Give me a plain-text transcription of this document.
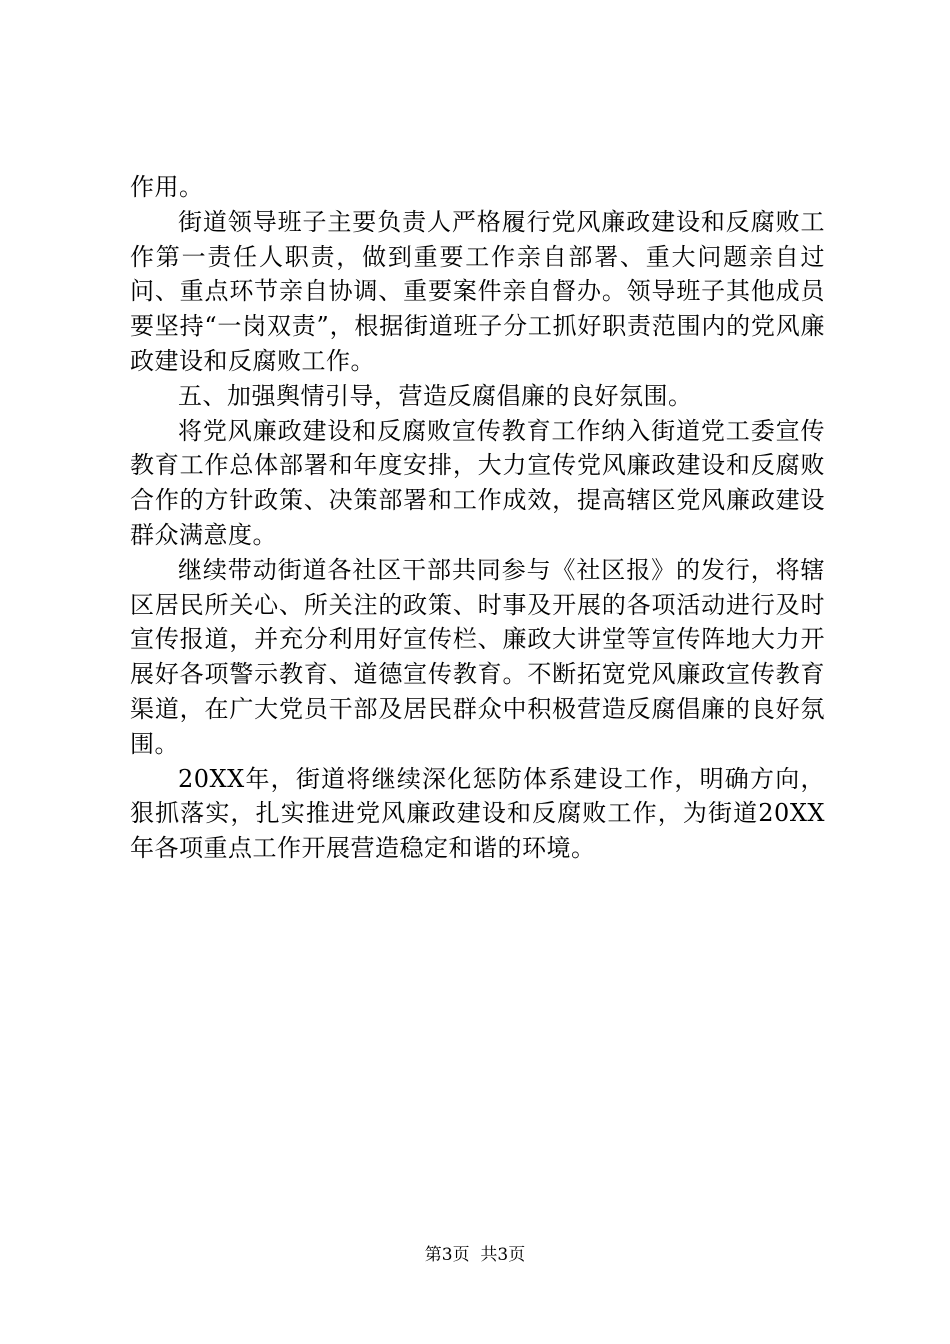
作用。

街道领导班子主要负责人严格履行党风廉政建设和反腐败工作第一责任人职责，做到重要工作亲自部署、重大问题亲自过问、重点环节亲自协调、重要案件亲自督办。领导班子其他成员要坚持“一岗双责”，根据街道班子分工抓好职责范围内的党风廉政建设和反腐败工作。

五、加强舆情引导，营造反腐倡廉的良好氛围。

将党风廉政建设和反腐败宣传教育工作纳入街道党工委宣传教育工作总体部署和年度安排，大力宣传党风廉政建设和反腐败合作的方针政策、决策部署和工作成效，提高辖区党风廉政建设群众满意度。

继续带动街道各社区干部共同参与《社区报》的发行，将辖区居民所关心、所关注的政策、时事及开展的各项活动进行及时宣传报道，并充分利用好宣传栏、廉政大讲堂等宣传阵地大力开展好各项警示教育、道德宣传教育。不断拓宽党风廉政宣传教育渠道，在广大党员干部及居民群众中积极营造反腐倡廉的良好氛围。

20XX年，街道将继续深化惩防体系建设工作，明确方向，狠抓落实，扎实推进党风廉政建设和反腐败工作，为街道20XX年各项重点工作开展营造稳定和谐的环境。

第3页  共3页
